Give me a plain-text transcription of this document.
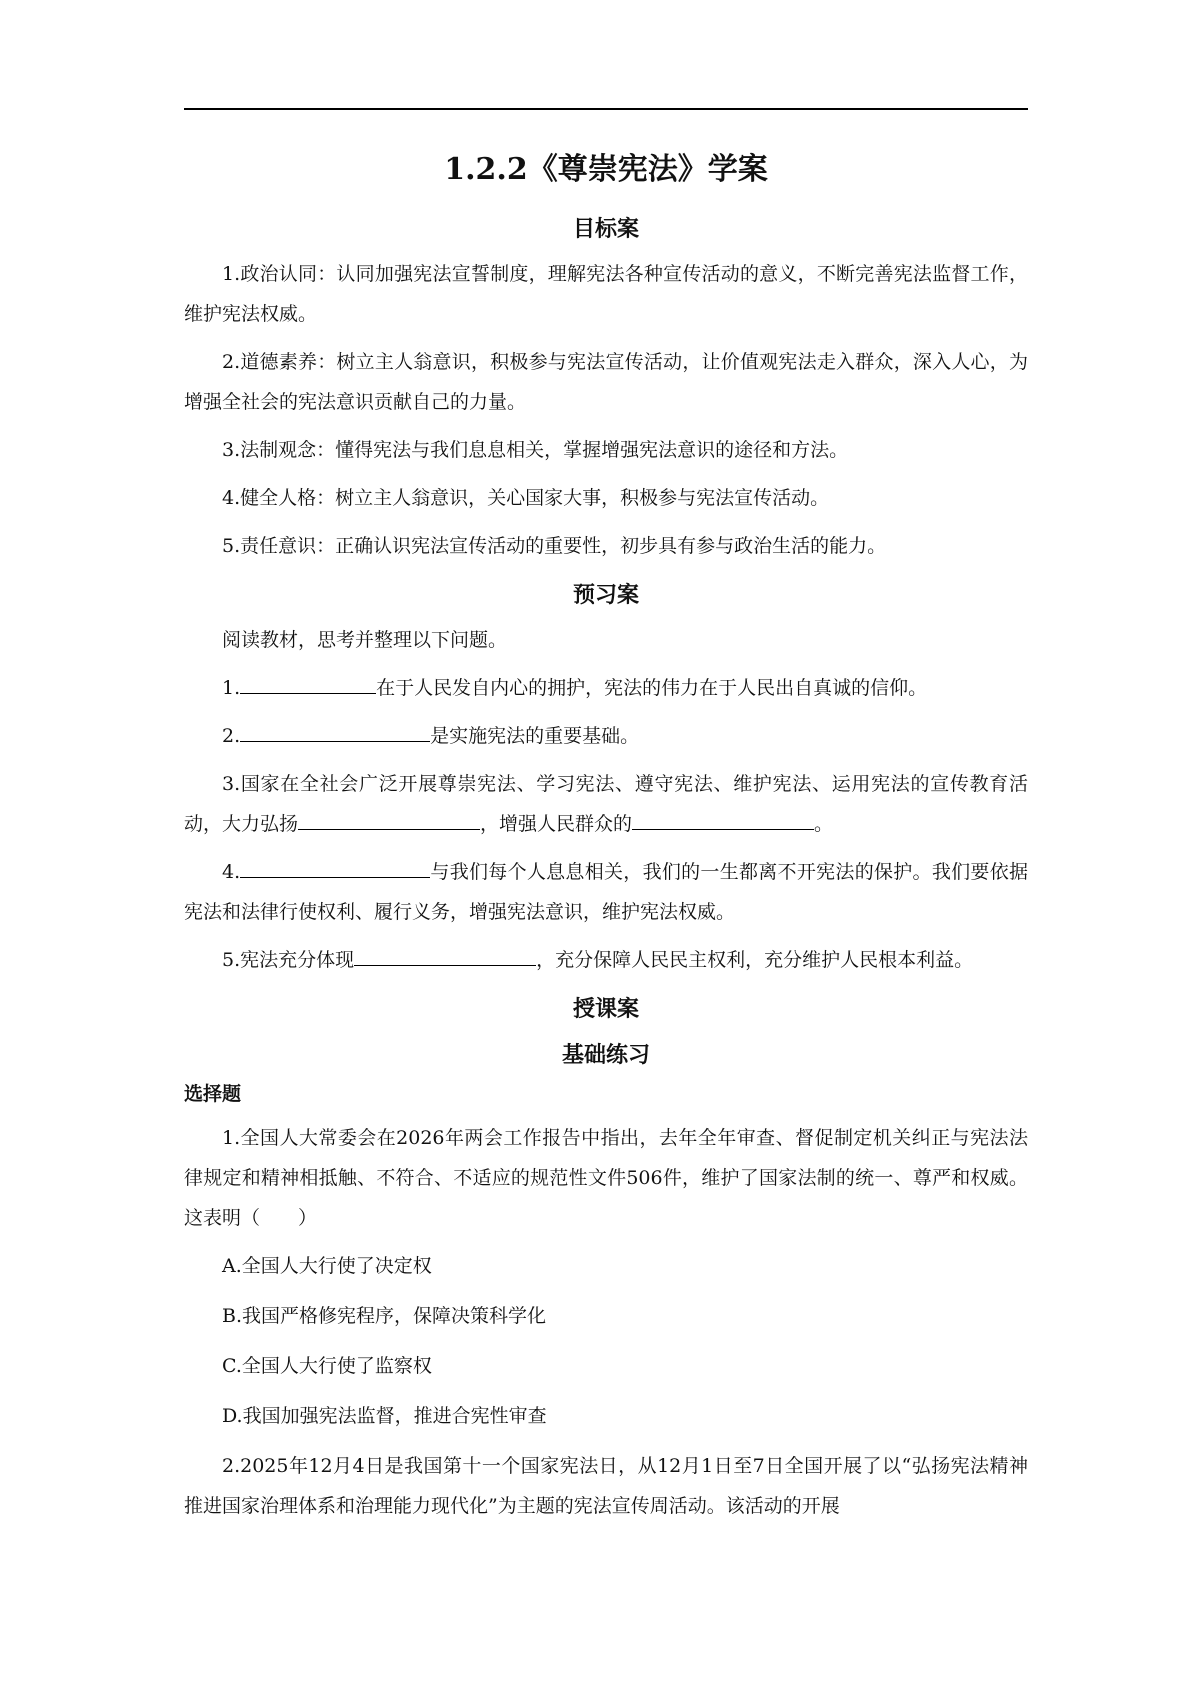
1.2.2《尊崇宪法》学案
目标案

1.政治认同：认同加强宪法宣誓制度，理解宪法各种宣传活动的意义，不断完善宪法监督工作，维护宪法权威。

2.道德素养：树立主人翁意识，积极参与宪法宣传活动，让价值观宪法走入群众，深入人心，为增强全社会的宪法意识贡献自己的力量。

3.法制观念：懂得宪法与我们息息相关，掌握增强宪法意识的途径和方法。

4.健全人格：树立主人翁意识，关心国家大事，积极参与宪法宣传活动。

5.责任意识：正确认识宪法宣传活动的重要性，初步具有参与政治生活的能力。

预习案

阅读教材，思考并整理以下问题。

1.	在于人民发自内心的拥护，宪法的伟力在于人民出自真诚的信仰。

2.	是实施宪法的重要基础。

3.国家在全社会广泛开展尊崇宪法、学习宪法、遵守宪法、维护宪法、运用宪法的宣传教育活动，大力弘扬	，增强人民群众的	。

4.	与我们每个人息息相关，我们的一生都离不开宪法的保护。我们要依据宪法和法律行使权利、履行义务，增强宪法意识，维护宪法权威。

5.宪法充分体现	，充分保障人民民主权利，充分维护人民根本利益。

授课案
基础练习
选择题

1.全国人大常委会在2026年两会工作报告中指出，去年全年审查、督促制定机关纠正与宪法法律规定和精神相抵触、不符合、不适应的规范性文件506件，维护了国家法制的统一、尊严和权威。这表明（　　）

A.全国人大行使了决定权

B.我国严格修宪程序，保障决策科学化

C.全国人大行使了监察权

D.我国加强宪法监督，推进合宪性审查

2.2025年12月4日是我国第十一个国家宪法日，从12月1日至7日全国开展了以“弘扬宪法精神推进国家治理体系和治理能力现代化”为主题的宪法宣传周活动。该活动的开展
